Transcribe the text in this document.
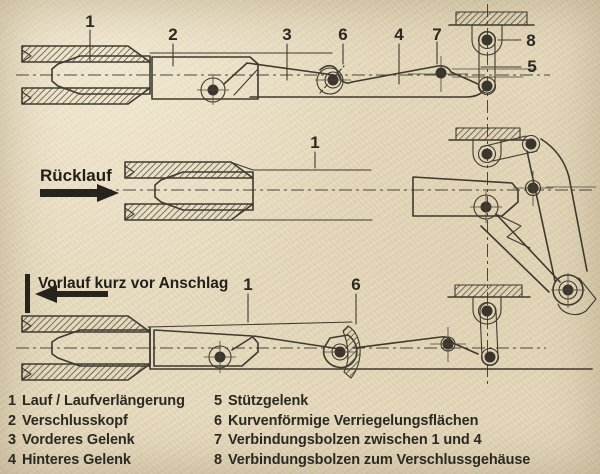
1
2	3	6	4 7	8
5
Rücklauf
1
Vorlauf kurz vor Anschlag 1	6
1 Lauf / Laufverlängerung
2 Verschlusskopf
3 Vorderes Gelenk
4 Hinteres Gelenk
5 Stützgelenk
6 Kurvenförmige Verriegelungsflächen
7 Verbindungsbolzen zwischen 1 und 4
8 Verbindungsbolzen zum Verschlussgehäuse
